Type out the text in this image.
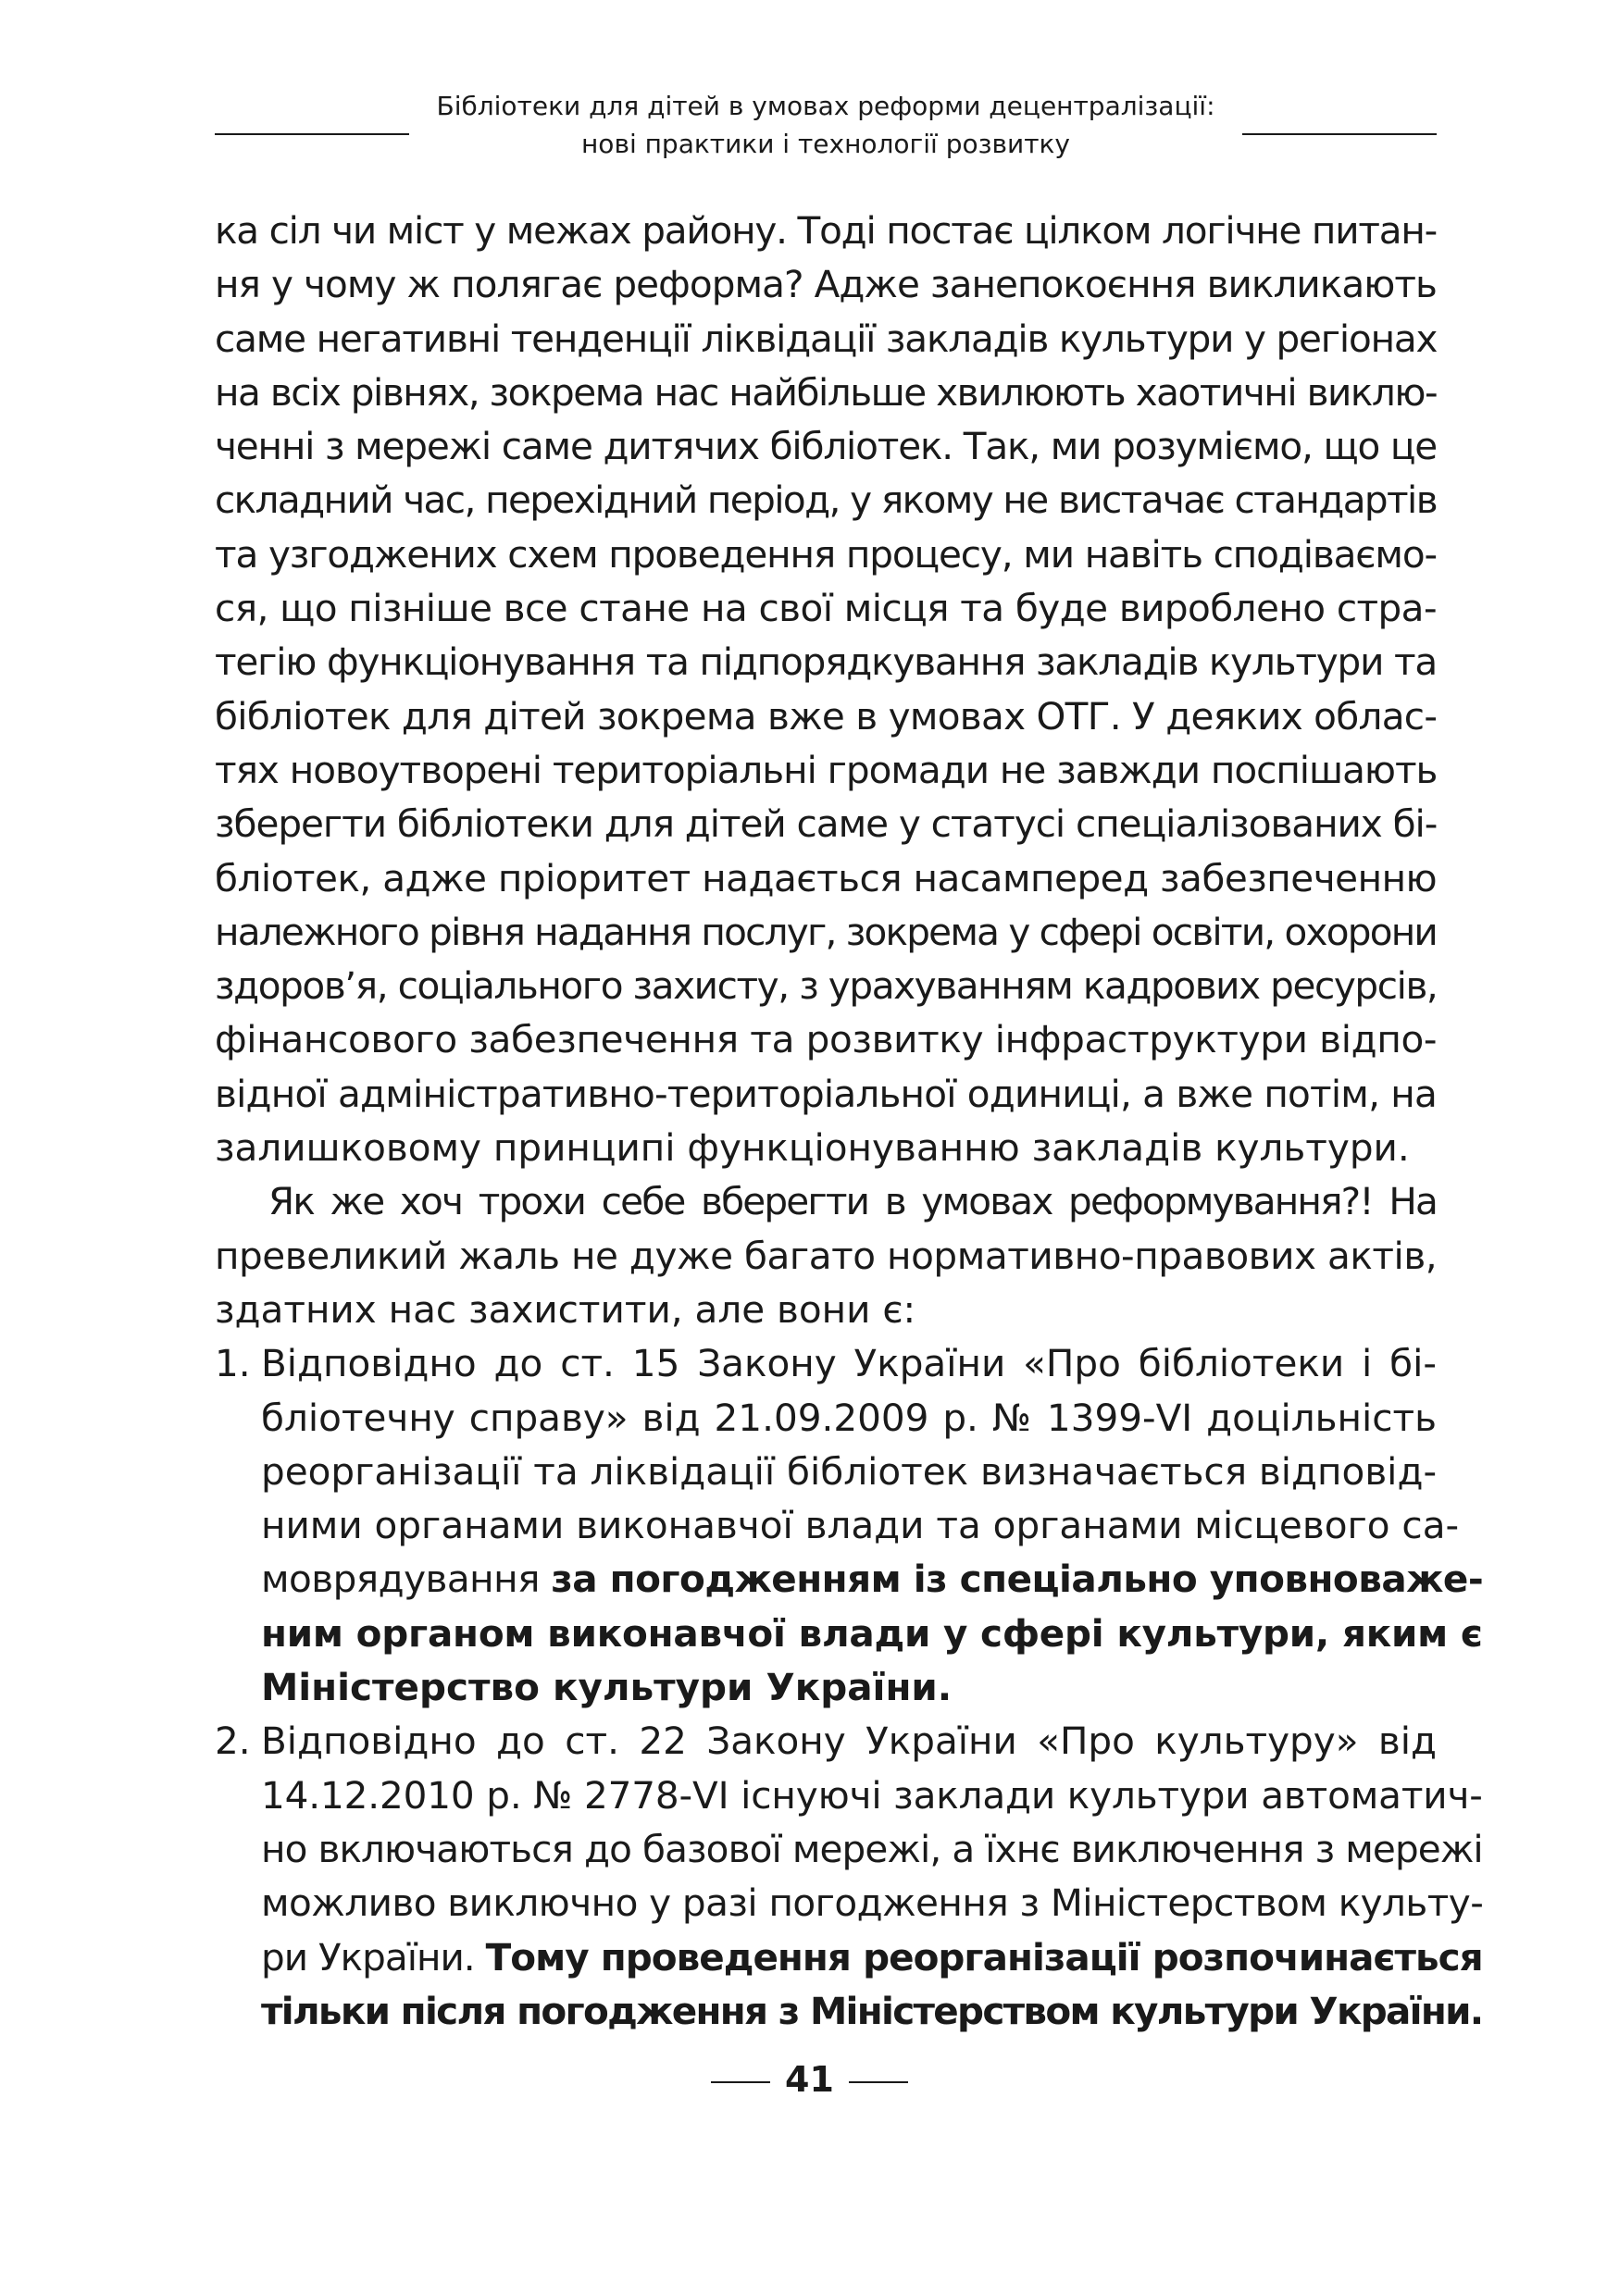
Бібліотеки для дітей в умовах реформи децентралізації:
нові практики і технології розвитку
ка сіл чи міст у межах району. Тоді постає цілком логічне питан-
ня у чому ж полягає реформа? Адже занепокоєння викликають
саме негативні тенденції ліквідації закладів культури у регіонах
на всіх рівнях, зокрема нас найбільше хвилюють хаотичні виклю-
ченні з мережі саме дитячих бібліотек. Так, ми розуміємо, що це
складний час, перехідний період, у якому не вистачає стандартів
та узгоджених схем проведення процесу, ми навіть сподіваємо-
ся, що пізніше все стане на свої місця та буде вироблено стра-
тегію функціонування та підпорядкування закладів культури та
бібліотек для дітей зокрема вже в умовах ОТГ. У деяких облас-
тях новоутворені територіальні громади не завжди поспішають
зберегти бібліотеки для дітей саме у статусі спеціалізованих бі-
бліотек, адже пріоритет надається насамперед забезпеченню
належного рівня надання послуг, зокрема у сфері освіти, охорони
здоров’я, соціального захисту, з урахуванням кадрових ресурсів,
фінансового забезпечення та розвитку інфраструктури відпо-
відної адміністративно-територіальної одиниці, а вже потім, на
залишковому принципі функціонуванню закладів культури.
Як же хоч трохи себе вберегти в умовах реформування?! На
превеликий жаль не дуже багато нормативно-правових актів,
здатних нас захистити, але вони є:
1. Відповідно до ст. 15 Закону України «Про бібліотеки і бі-
бліотечну справу» від 21.09.2009 р. № 1399-VI доцільність
реорганізації та ліквідації бібліотек визначається відповід-
ними органами виконавчої влади та органами місцевого са-
моврядування за погодженням із спеціально уповноваже-
ним органом виконавчої влади у сфері культури, яким є
Міністерство культури України.
2. Відповідно до ст. 22 Закону України «Про культуру» від
14.12.2010 р. № 2778-VI існуючі заклади культури автоматич-
но включаються до базової мережі, а їхнє виключення з мережі
можливо виключно у разі погодження з Міністерством культу-
ри України. Тому проведення реорганізації розпочинається
тільки після погодження з Міністерством культури України.
41
